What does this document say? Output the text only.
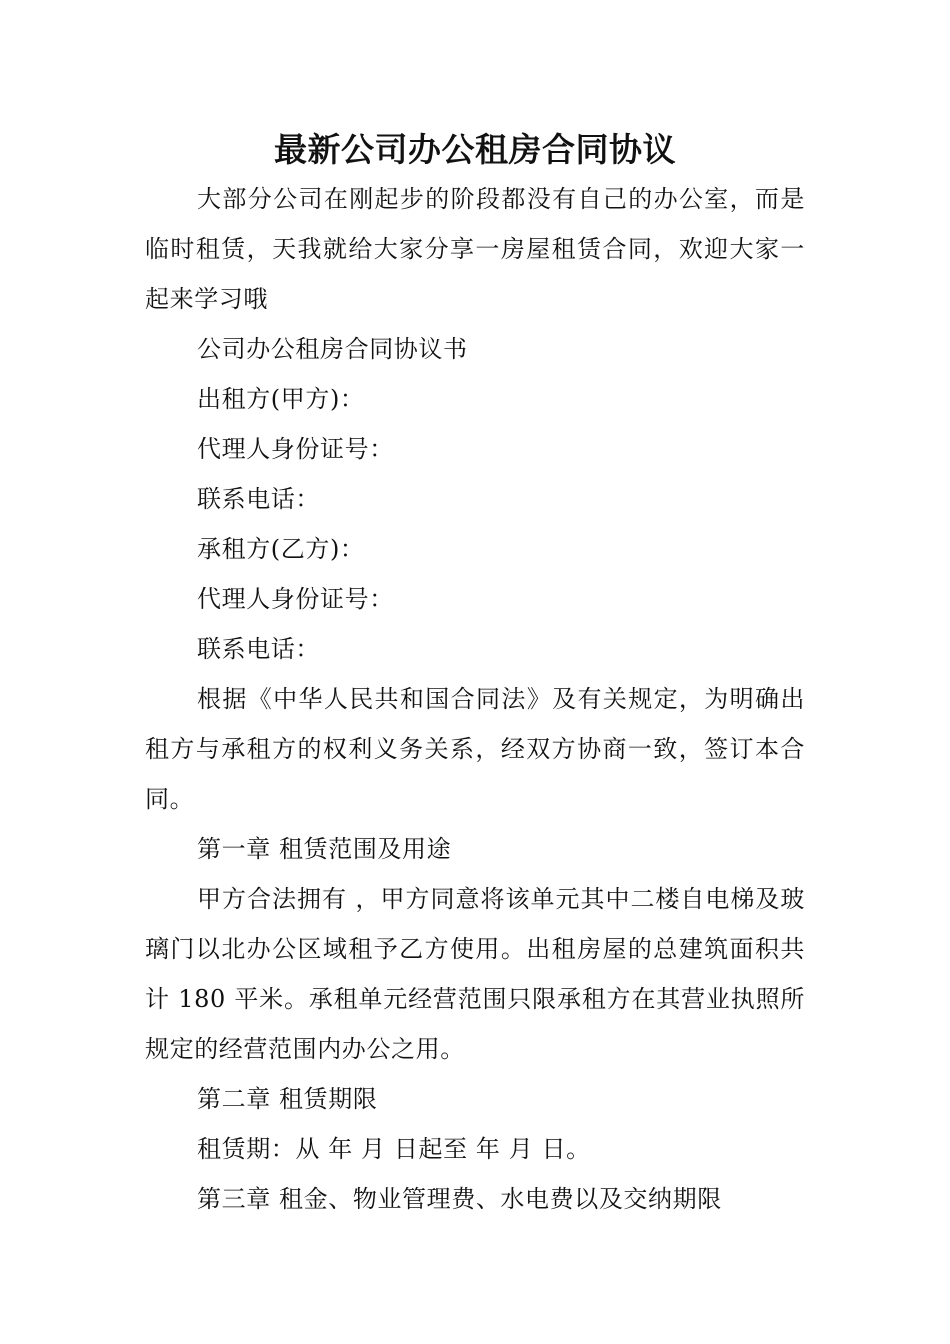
最新公司办公租房合同协议

大部分公司在刚起步的阶段都没有自己的办公室，而是临时租赁，天我就给大家分享一房屋租赁合同，欢迎大家一起来学习哦

公司办公租房合同协议书

出租方(甲方)：

代理人身份证号：

联系电话：

承租方(乙方)：

代理人身份证号：

联系电话：

根据《中华人民共和国合同法》及有关规定，为明确出租方与承租方的权利义务关系，经双方协商一致，签订本合同。

第一章 租赁范围及用途

甲方合法拥有 ，甲方同意将该单元其中二楼自电梯及玻璃门以北办公区域租予乙方使用。出租房屋的总建筑面积共计 180 平米。承租单元经营范围只限承租方在其营业执照所规定的经营范围内办公之用。

第二章 租赁期限

租赁期：从 年 月 日起至 年 月 日。

第三章 租金、物业管理费、水电费以及交纳期限
